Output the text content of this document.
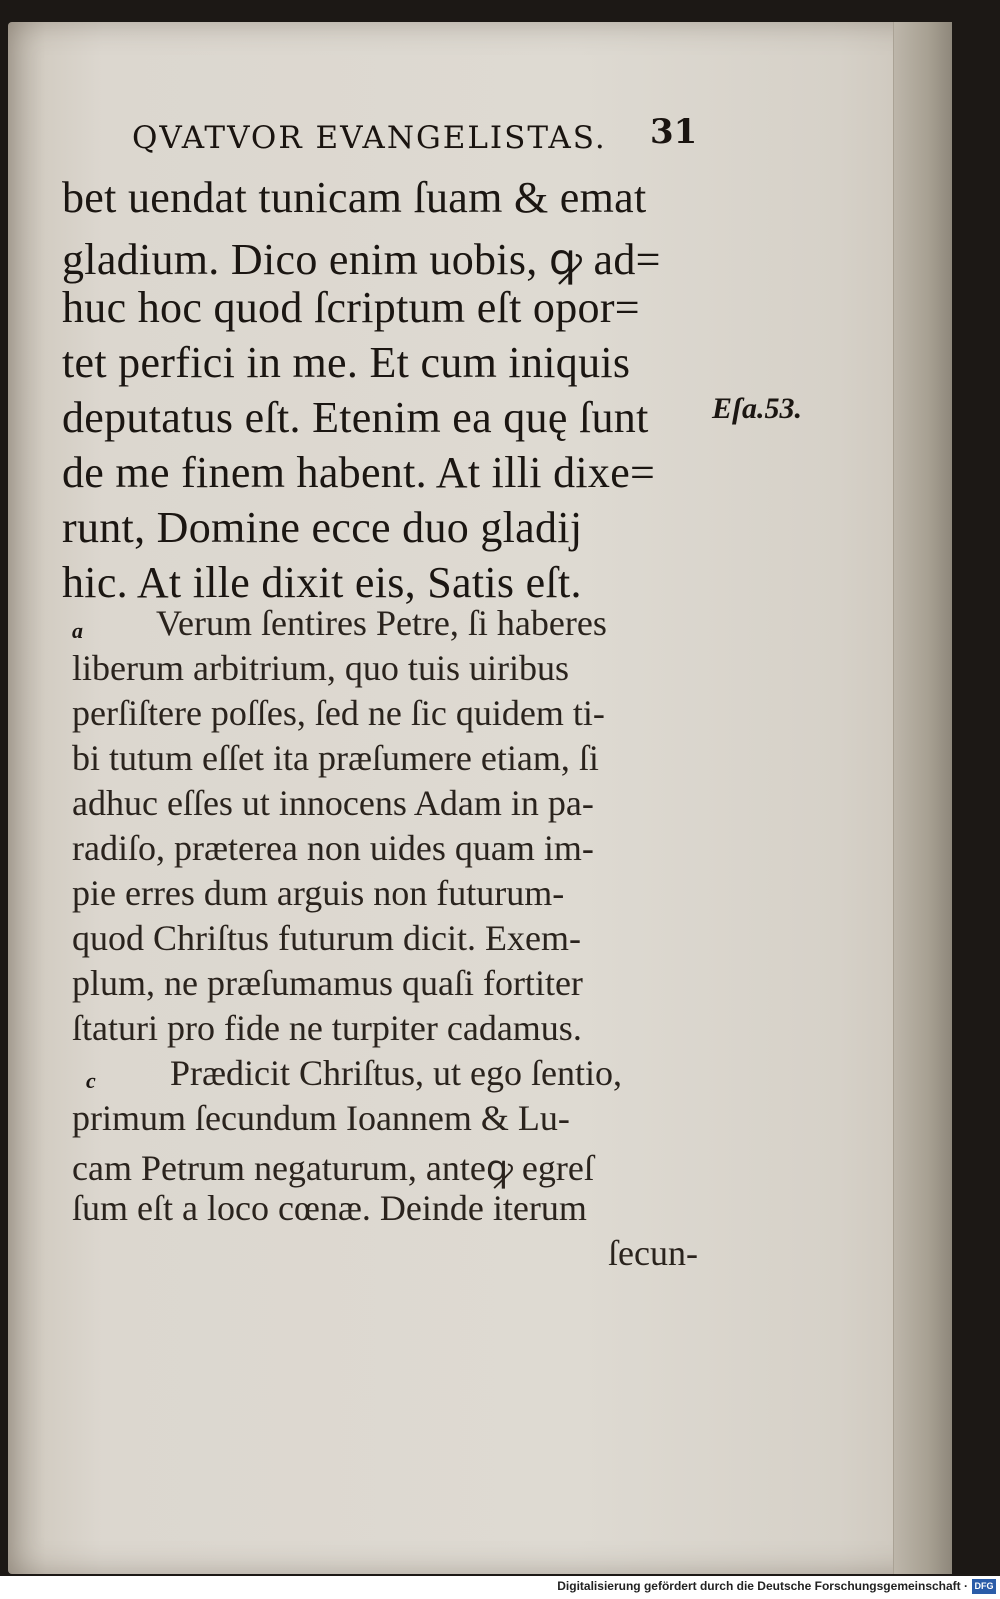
QVATVOR EVANGELISTAS. 31
bet uendat tunicam ſuam & emat
gladium. Dico enim uobis, ꝙ ad=
huc hoc quod ſcriptum eſt opor=
tet perfici in me. Et cum iniquis
deputatus eſt. Etenim ea quę ſunt
de me finem habent. At illi dixe=
runt, Domine ecce duo gladij
hic. At ille dixit eis, Satis eſt.
Eſa.53.
a Verum ſentires Petre, ſi haberes
liberum arbitrium, quo tuis uiribus
perſiſtere poſſes, ſed ne ſic quidem ti-
bi tutum eſſet ita præſumere etiam, ſi
adhuc eſſes ut innocens Adam in pa-
radiſo, præterea non uides quam im-
pie erres dum arguis non futurum-
quod Chriſtus futurum dicit. Exem-
plum, ne præſumamus quaſi fortiter
ſtaturi pro fide ne turpiter cadamus.
c Prædicit Chriſtus, ut ego ſentio,
primum ſecundum Ioannem & Lu-
cam Petrum negaturum, anteꝙ egreſ
ſum eſt a loco cœnæ. Deinde iterum
ſecun-
Digitalisierung gefördert durch die Deutsche Forschungsgemeinschaft · DFG
